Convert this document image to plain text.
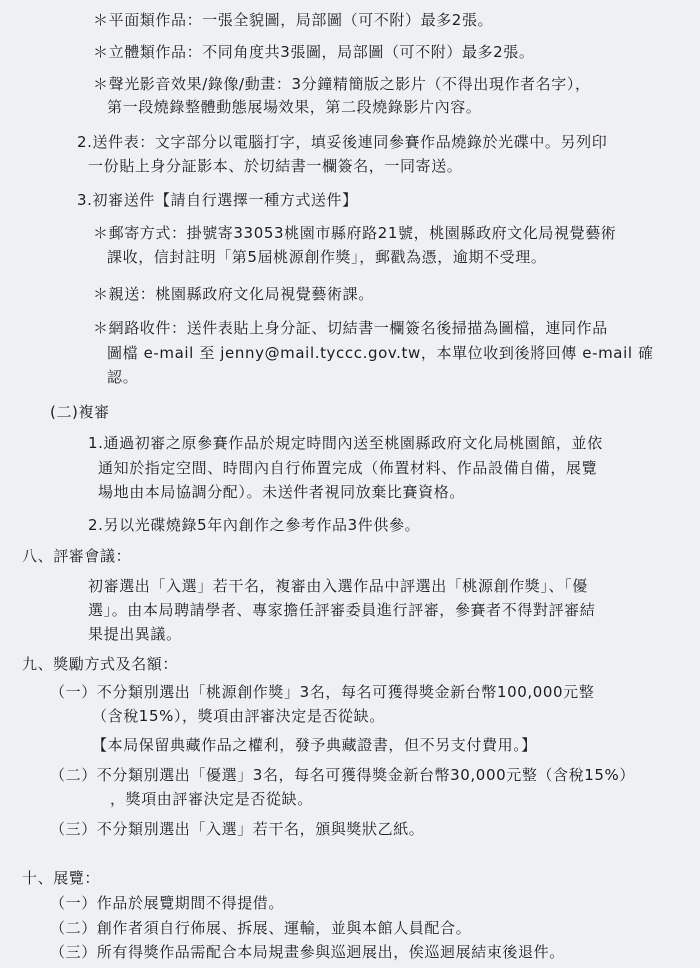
＊平面類作品：一張全貌圖，局部圖（可不附）最多2張。
＊立體類作品：不同角度共3張圖，局部圖（可不附）最多2張。
＊聲光影音效果/錄像/動畫：3分鐘精簡版之影片（不得出現作者名字），
第一段燒錄整體動態展場效果，第二段燒錄影片內容。
2.送件表：文字部分以電腦打字，填妥後連同參賽作品燒錄於光碟中。另列印
一份貼上身分証影本、於切結書一欄簽名，一同寄送。
3.初審送件【請自行選擇一種方式送件】
＊郵寄方式：掛號寄33053桃園市縣府路21號，桃園縣政府文化局視覺藝術
課收，信封註明「第5屆桃源創作獎」，郵戳為憑，逾期不受理。
＊親送：桃園縣政府文化局視覺藝術課。
＊網路收件：送件表貼上身分証、切結書一欄簽名後掃描為圖檔，連同作品
圖檔 e-mail 至 jenny@mail.tyccc.gov.tw，本單位收到後將回傳 e-mail 確
認。
(二)複審
1.通過初審之原參賽作品於規定時間內送至桃園縣政府文化局桃園館，並依
通知於指定空間、時間內自行佈置完成（佈置材料、作品設備自備，展覽
場地由本局協調分配）。未送件者視同放棄比賽資格。
2.另以光碟燒錄5年內創作之參考作品3件供參。
八、評審會議：
初審選出「入選」若干名，複審由入選作品中評選出「桃源創作獎」、「優
選」。由本局聘請學者、專家擔任評審委員進行評審，參賽者不得對評審結
果提出異議。
九、獎勵方式及名額：
（一）不分類別選出「桃源創作獎」3名，每名可獲得獎金新台幣100,000元整
（含稅15%），獎項由評審決定是否從缺。
【本局保留典藏作品之權利，發予典藏證書，但不另支付費用。】
（二）不分類別選出「優選」3名，每名可獲得獎金新台幣30,000元整（含稅15%）
，獎項由評審決定是否從缺。
（三）不分類別選出「入選」若干名，頒與獎狀乙紙。
十、展覽：
（一）作品於展覽期間不得提借。
（二）創作者須自行佈展、拆展、運輸，並與本館人員配合。
（三）所有得獎作品需配合本局規畫參與巡迴展出，俟巡迴展結束後退件。
